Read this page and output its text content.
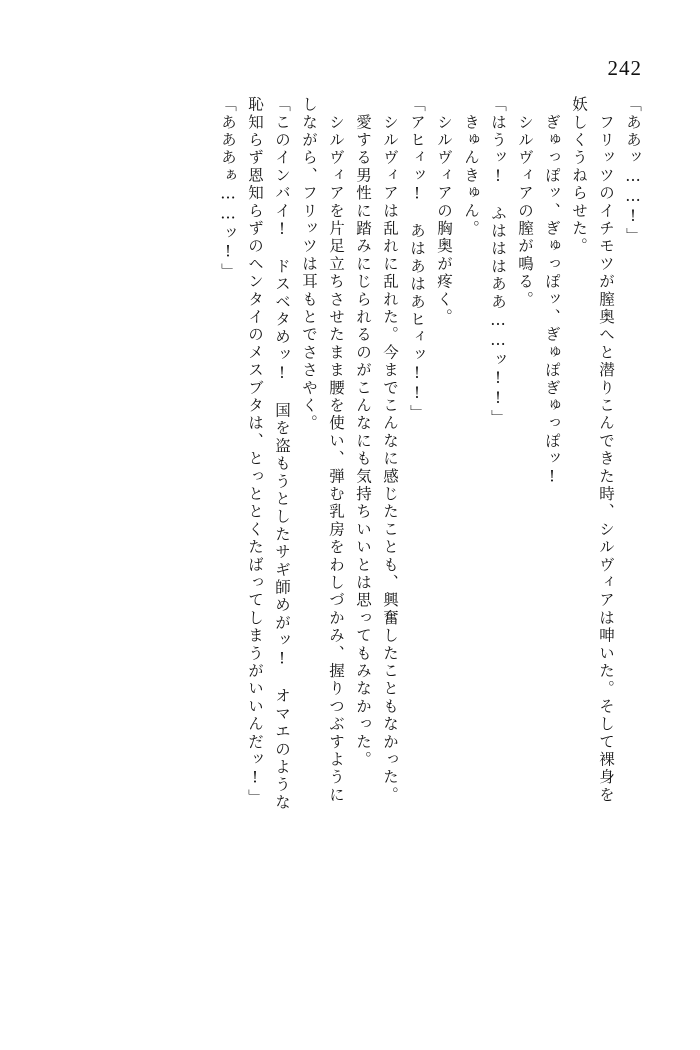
242
「ああッ……!」
　フリッツのイチモツが膣奥へと潜りこんできた時、シルヴィアは呻いた。そして裸身を
妖しくうねらせた。
　ぎゅっぽッ、ぎゅっぽッ、ぎゅぽぎゅっぽッ!
　シルヴィアの膣が鳴る。
「はうッ!　ふはははああ……ッ!!」
　きゅんきゅん。
　シルヴィアの胸奥が疼く。
「アヒィッ!　あはあはあヒィッ!!」
　シルヴィアは乱れに乱れた。今までこんなに感じたことも、興奮したこともなかった。
　愛する男性に踏みにじられるのがこんなにも気持ちいいとは思ってもみなかった。
　シルヴィアを片足立ちさせたまま腰を使い、弾む乳房をわしづかみ、握りつぶすように
しながら、フリッツは耳もとでささやく。
「このインバイ!　ドスベタめッ!　国を盗もうとしたサギ師めがッ!　オマエのような
恥知らず恩知らずのヘンタイのメスブタは、とっととくたばってしまうがいいんだッ!」
「あああぁ……ッ!」
